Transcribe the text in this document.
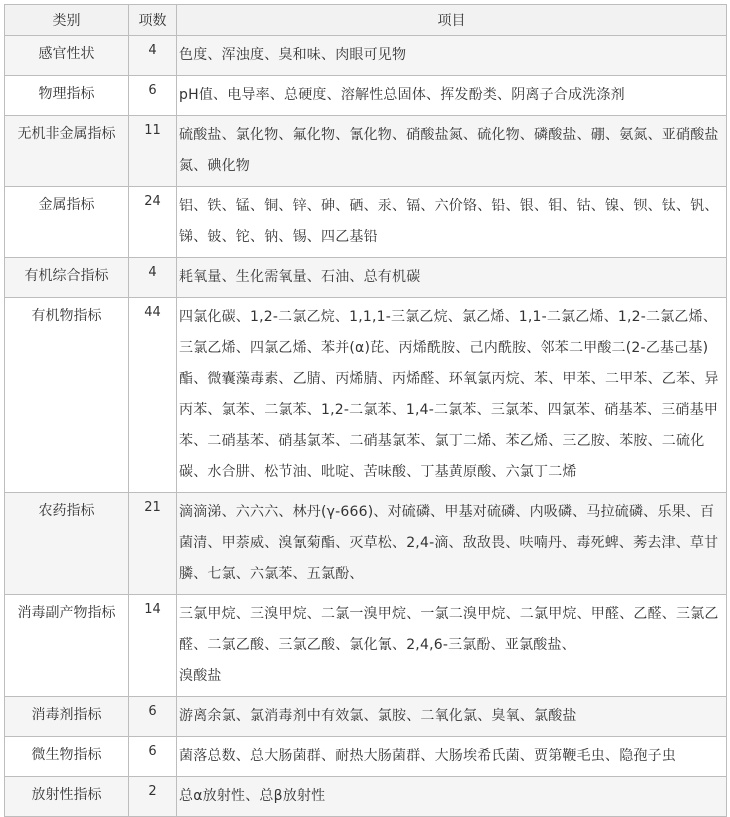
类别	项数	项目
感官性状	4	色度、浑浊度、臭和味、肉眼可见物
物理指标	6	pH值、电导率、总硬度、溶解性总固体、挥发酚类、阴离子合成洗涤剂
无机非金属指标	11	硫酸盐、氯化物、氟化物、氰化物、硝酸盐氮、硫化物、磷酸盐、硼、氨氮、亚硝酸盐氮、碘化物
金属指标	24	铝、铁、锰、铜、锌、砷、硒、汞、镉、六价铬、铅、银、钼、钴、镍、钡、钛、钒、锑、铍、铊、钠、锡、四乙基铅
有机综合指标	4	耗氧量、生化需氧量、石油、总有机碳
有机物指标	44	四氯化碳、1,2-二氯乙烷、1,1,1-三氯乙烷、氯乙烯、1,1-二氯乙烯、1,2-二氯乙烯、三氯乙烯、四氯乙烯、苯并(α)芘、丙烯酰胺、己内酰胺、邻苯二甲酸二(2-乙基己基)酯、微囊藻毒素、乙腈、丙烯腈、丙烯醛、环氧氯丙烷、苯、甲苯、二甲苯、乙苯、异丙苯、氯苯、二氯苯、1,2-二氯苯、1,4-二氯苯、三氯苯、四氯苯、硝基苯、三硝基甲苯、二硝基苯、硝基氯苯、二硝基氯苯、氯丁二烯、苯乙烯、三乙胺、苯胺、二硫化碳、水合肼、松节油、吡啶、苦味酸、丁基黄原酸、六氯丁二烯
农药指标	21	滴滴涕、六六六、林丹(γ-666)、对硫磷、甲基对硫磷、内吸磷、马拉硫磷、乐果、百菌清、甲萘威、溴氰菊酯、灭草松、2,4-滴、敌敌畏、呋喃丹、毒死蜱、莠去津、草甘膦、七氯、六氯苯、五氯酚、
消毒副产物指标	14	三氯甲烷、三溴甲烷、二氯一溴甲烷、一氯二溴甲烷、二氯甲烷、甲醛、乙醛、三氯乙醛、二氯乙酸、三氯乙酸、氯化氰、2,4,6-三氯酚、亚氯酸盐、
溴酸盐
消毒剂指标	6	游离余氯、氯消毒剂中有效氯、氯胺、二氧化氯、臭氧、氯酸盐
微生物指标	6	菌落总数、总大肠菌群、耐热大肠菌群、大肠埃希氏菌、贾第鞭毛虫、隐孢子虫
放射性指标	2	总α放射性、总β放射性
